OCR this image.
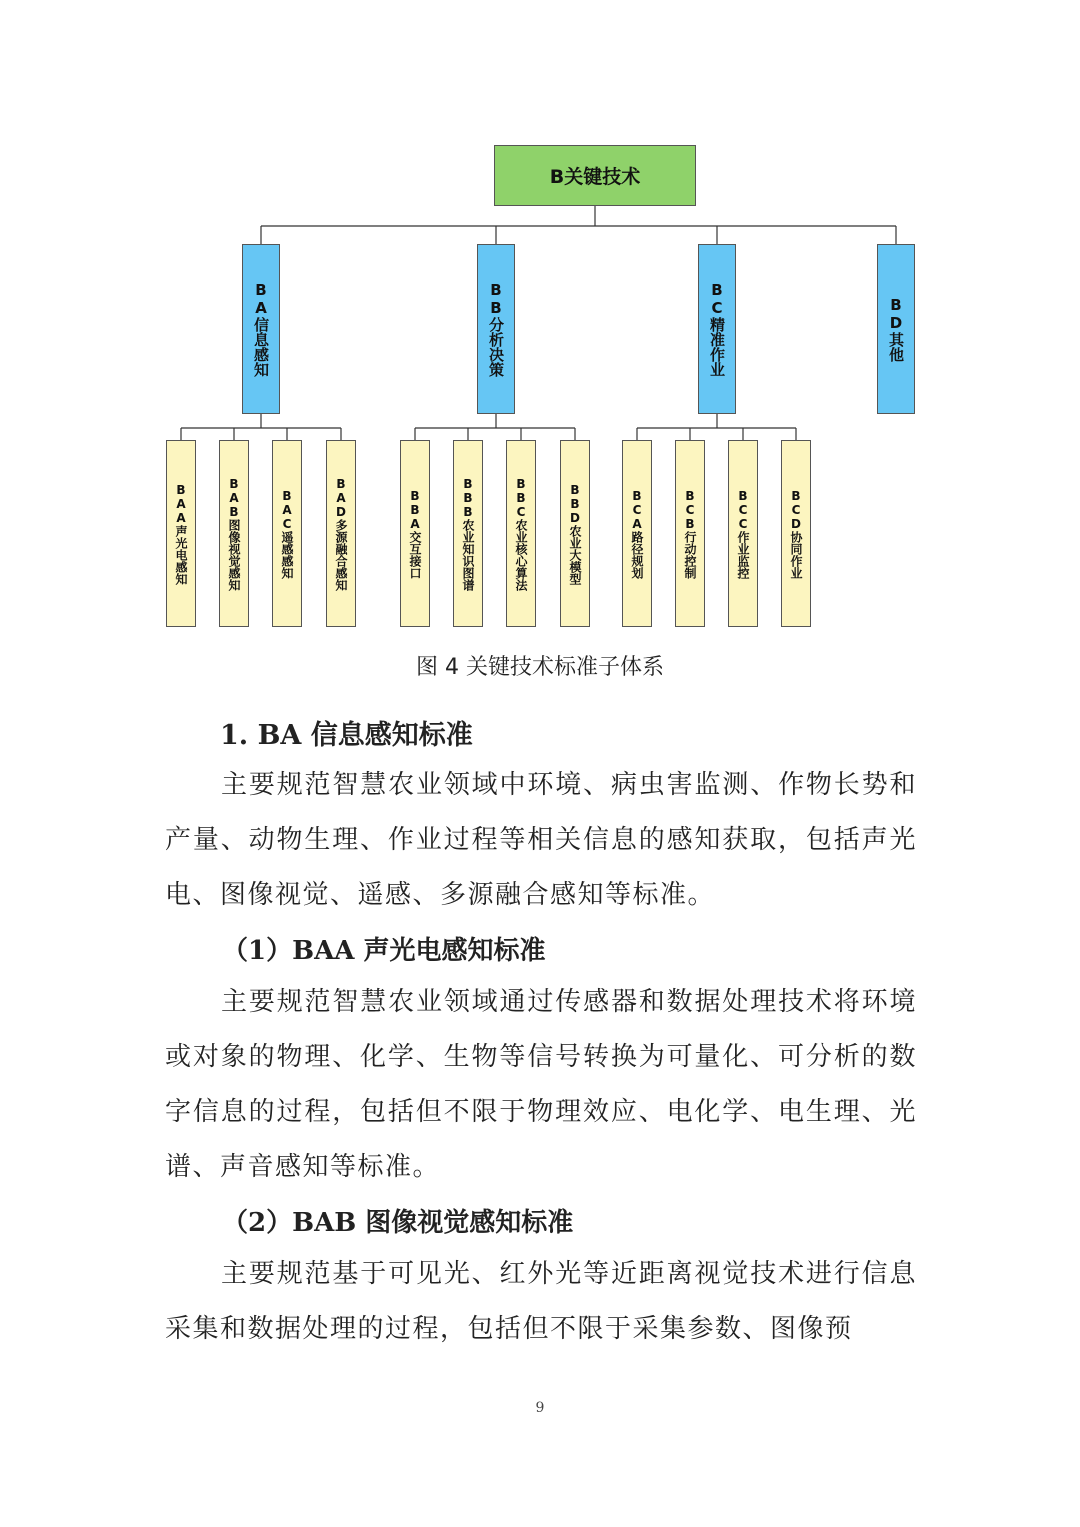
B关键技术
BA信息感知	BB分析决策	BC精准作业	BD其他
BAA声光电感知	BAB图像视觉感知	BAC遥感感知	BAD多源融合感知	BBA交互接口	BBB农业知识图谱	BBC农业核心算法	BBD农业大模型	BCA路径规划	BCB行动控制	BCC作业监控	BCD协同作业
图 4 关键技术标准子体系
1. BA 信息感知标准
主要规范智慧农业领域中环境、病虫害监测、作物长势和产量、动物生理、作业过程等相关信息的感知获取，包括声光电、图像视觉、遥感、多源融合感知等标准。
（1）BAA 声光电感知标准
主要规范智慧农业领域通过传感器和数据处理技术将环境或对象的物理、化学、生物等信号转换为可量化、可分析的数字信息的过程，包括但不限于物理效应、电化学、电生理、光谱、声音感知等标准。
（2）BAB 图像视觉感知标准
主要规范基于可见光、红外光等近距离视觉技术进行信息采集和数据处理的过程，包括但不限于采集参数、图像预
9
